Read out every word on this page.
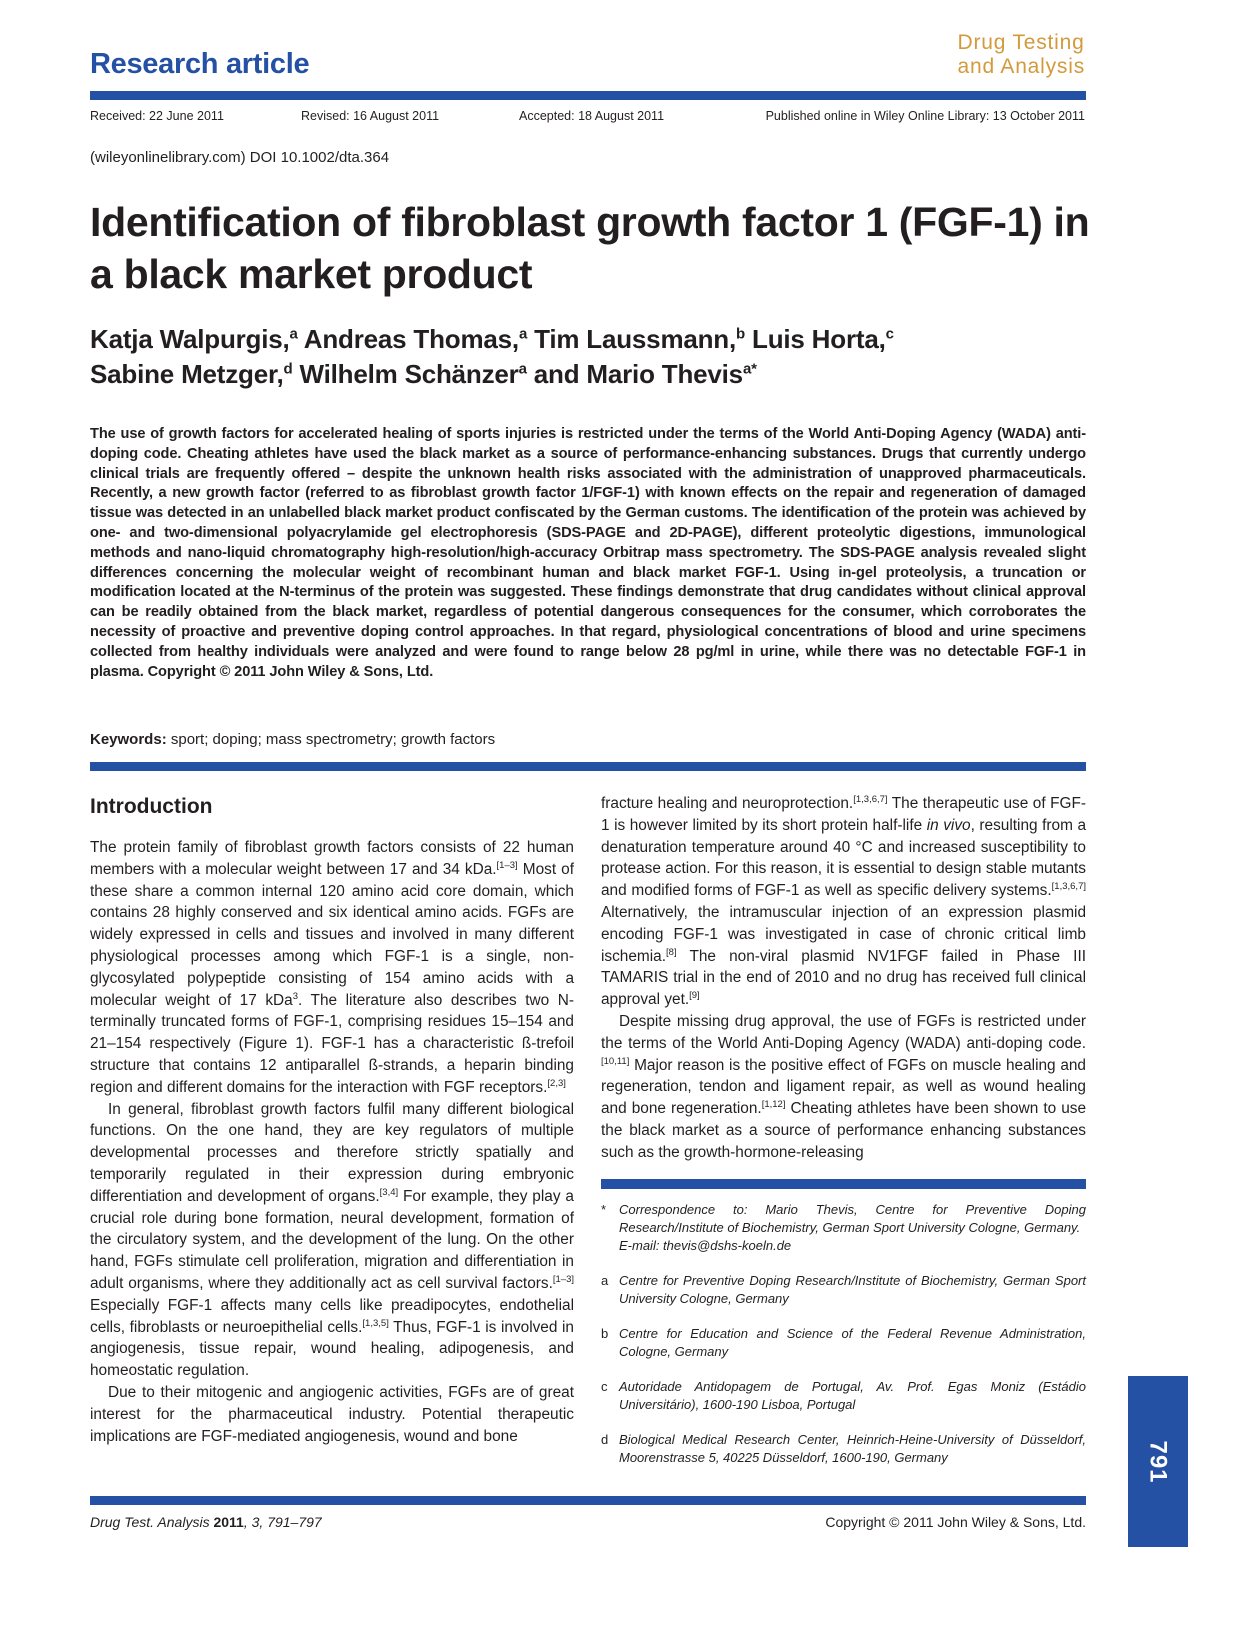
Research article
Drug Testing
and Analysis
Received: 22 June 2011	Revised: 16 August 2011	Accepted: 18 August 2011	Published online in Wiley Online Library: 13 October 2011
(wileyonlinelibrary.com) DOI 10.1002/dta.364
Identification of fibroblast growth factor 1 (FGF-1) in a black market product
Katja Walpurgis,$^a$ Andreas Thomas,$^a$ Tim Laussmann,$^b$ Luis Horta,$^c$
Sabine Metzger,$^d$ Wilhelm Schänzer$^a$ and Mario Thevis$^{a*}$
The use of growth factors for accelerated healing of sports injuries is restricted under the terms of the World Anti-Doping Agency (WADA) anti-doping code. Cheating athletes have used the black market as a source of performance-enhancing substances. Drugs that currently undergo clinical trials are frequently offered – despite the unknown health risks associated with the administration of unapproved pharmaceuticals. Recently, a new growth factor (referred to as fibroblast growth factor 1/FGF-1) with known effects on the repair and regeneration of damaged tissue was detected in an unlabelled black market product confiscated by the German customs. The identification of the protein was achieved by one- and two-dimensional polyacrylamide gel electrophoresis (SDS-PAGE and 2D-PAGE), different proteolytic digestions, immunological methods and nano-liquid chromatography high-resolution/high-accuracy Orbitrap mass spectrometry. The SDS-PAGE analysis revealed slight differences concerning the molecular weight of recombinant human and black market FGF-1. Using in-gel proteolysis, a truncation or modification located at the N-terminus of the protein was suggested. These findings demonstrate that drug candidates without clinical approval can be readily obtained from the black market, regardless of potential dangerous consequences for the consumer, which corroborates the necessity of proactive and preventive doping control approaches. In that regard, physiological concentrations of blood and urine specimens collected from healthy individuals were analyzed and were found to range below 28 pg/ml in urine, while there was no detectable FGF-1 in plasma. Copyright © 2011 John Wiley & Sons, Ltd.
Keywords: sport; doping; mass spectrometry; growth factors
Introduction

The protein family of fibroblast growth factors consists of 22 human members with a molecular weight between 17 and 34 kDa.[1–3] Most of these share a common internal 120 amino acid core domain, which contains 28 highly conserved and six identical amino acids. FGFs are widely expressed in cells and tissues and involved in many different physiological processes among which FGF-1 is a single, non-glycosylated polypeptide consisting of 154 amino acids with a molecular weight of 17 kDa$^3$. The literature also describes two N-terminally truncated forms of FGF-1, comprising residues 15–154 and 21–154 respectively (Figure 1). FGF-1 has a characteristic ß-trefoil structure that contains 12 antiparallel ß-strands, a heparin binding region and different domains for the interaction with FGF receptors.[2,3]

In general, fibroblast growth factors fulfil many different biological functions. On the one hand, they are key regulators of multiple developmental processes and therefore strictly spatially and temporarily regulated in their expression during embryonic differentiation and development of organs.[3,4] For example, they play a crucial role during bone formation, neural development, formation of the circulatory system, and the development of the lung. On the other hand, FGFs stimulate cell proliferation, migration and differentiation in adult organisms, where they additionally act as cell survival factors.[1–3] Especially FGF-1 affects many cells like preadipocytes, endothelial cells, fibroblasts or neuroepithelial cells.[1,3,5] Thus, FGF-1 is involved in angiogenesis, tissue repair, wound healing, adipogenesis, and homeostatic regulation.

Due to their mitogenic and angiogenic activities, FGFs are of great interest for the pharmaceutical industry. Potential therapeutic implications are FGF-mediated angiogenesis, wound and bone

fracture healing and neuroprotection.[1,3,6,7] The therapeutic use of FGF-1 is however limited by its short protein half-life in vivo, resulting from a denaturation temperature around 40 °C and increased susceptibility to protease action. For this reason, it is essential to design stable mutants and modified forms of FGF-1 as well as specific delivery systems.[1,3,6,7] Alternatively, the intramuscular injection of an expression plasmid encoding FGF-1 was investigated in case of chronic critical limb ischemia.[8] The non-viral plasmid NV1FGF failed in Phase III TAMARIS trial in the end of 2010 and no drug has received full clinical approval yet.[9]

Despite missing drug approval, the use of FGFs is restricted under the terms of the World Anti-Doping Agency (WADA) anti-doping code.[10,11] Major reason is the positive effect of FGFs on muscle healing and regeneration, tendon and ligament repair, as well as wound healing and bone regeneration.[1,12] Cheating athletes have been shown to use the black market as a source of performance enhancing substances such as the growth-hormone-releasing

* Correspondence to: Mario Thevis, Centre for Preventive Doping Research/Institute of Biochemistry, German Sport University Cologne, Germany.
E-mail: thevis@dshs-koeln.de
a Centre for Preventive Doping Research/Institute of Biochemistry, German Sport University Cologne, Germany
b Centre for Education and Science of the Federal Revenue Administration, Cologne, Germany
c Autoridade Antidopagem de Portugal, Av. Prof. Egas Moniz (Estádio Universitário), 1600-190 Lisboa, Portugal
d Biological Medical Research Center, Heinrich-Heine-University of Düsseldorf, Moorenstrasse 5, 40225 Düsseldorf, 1600-190, Germany
Drug Test. Analysis 2011, 3, 791–797	Copyright © 2011 John Wiley & Sons, Ltd.
791
